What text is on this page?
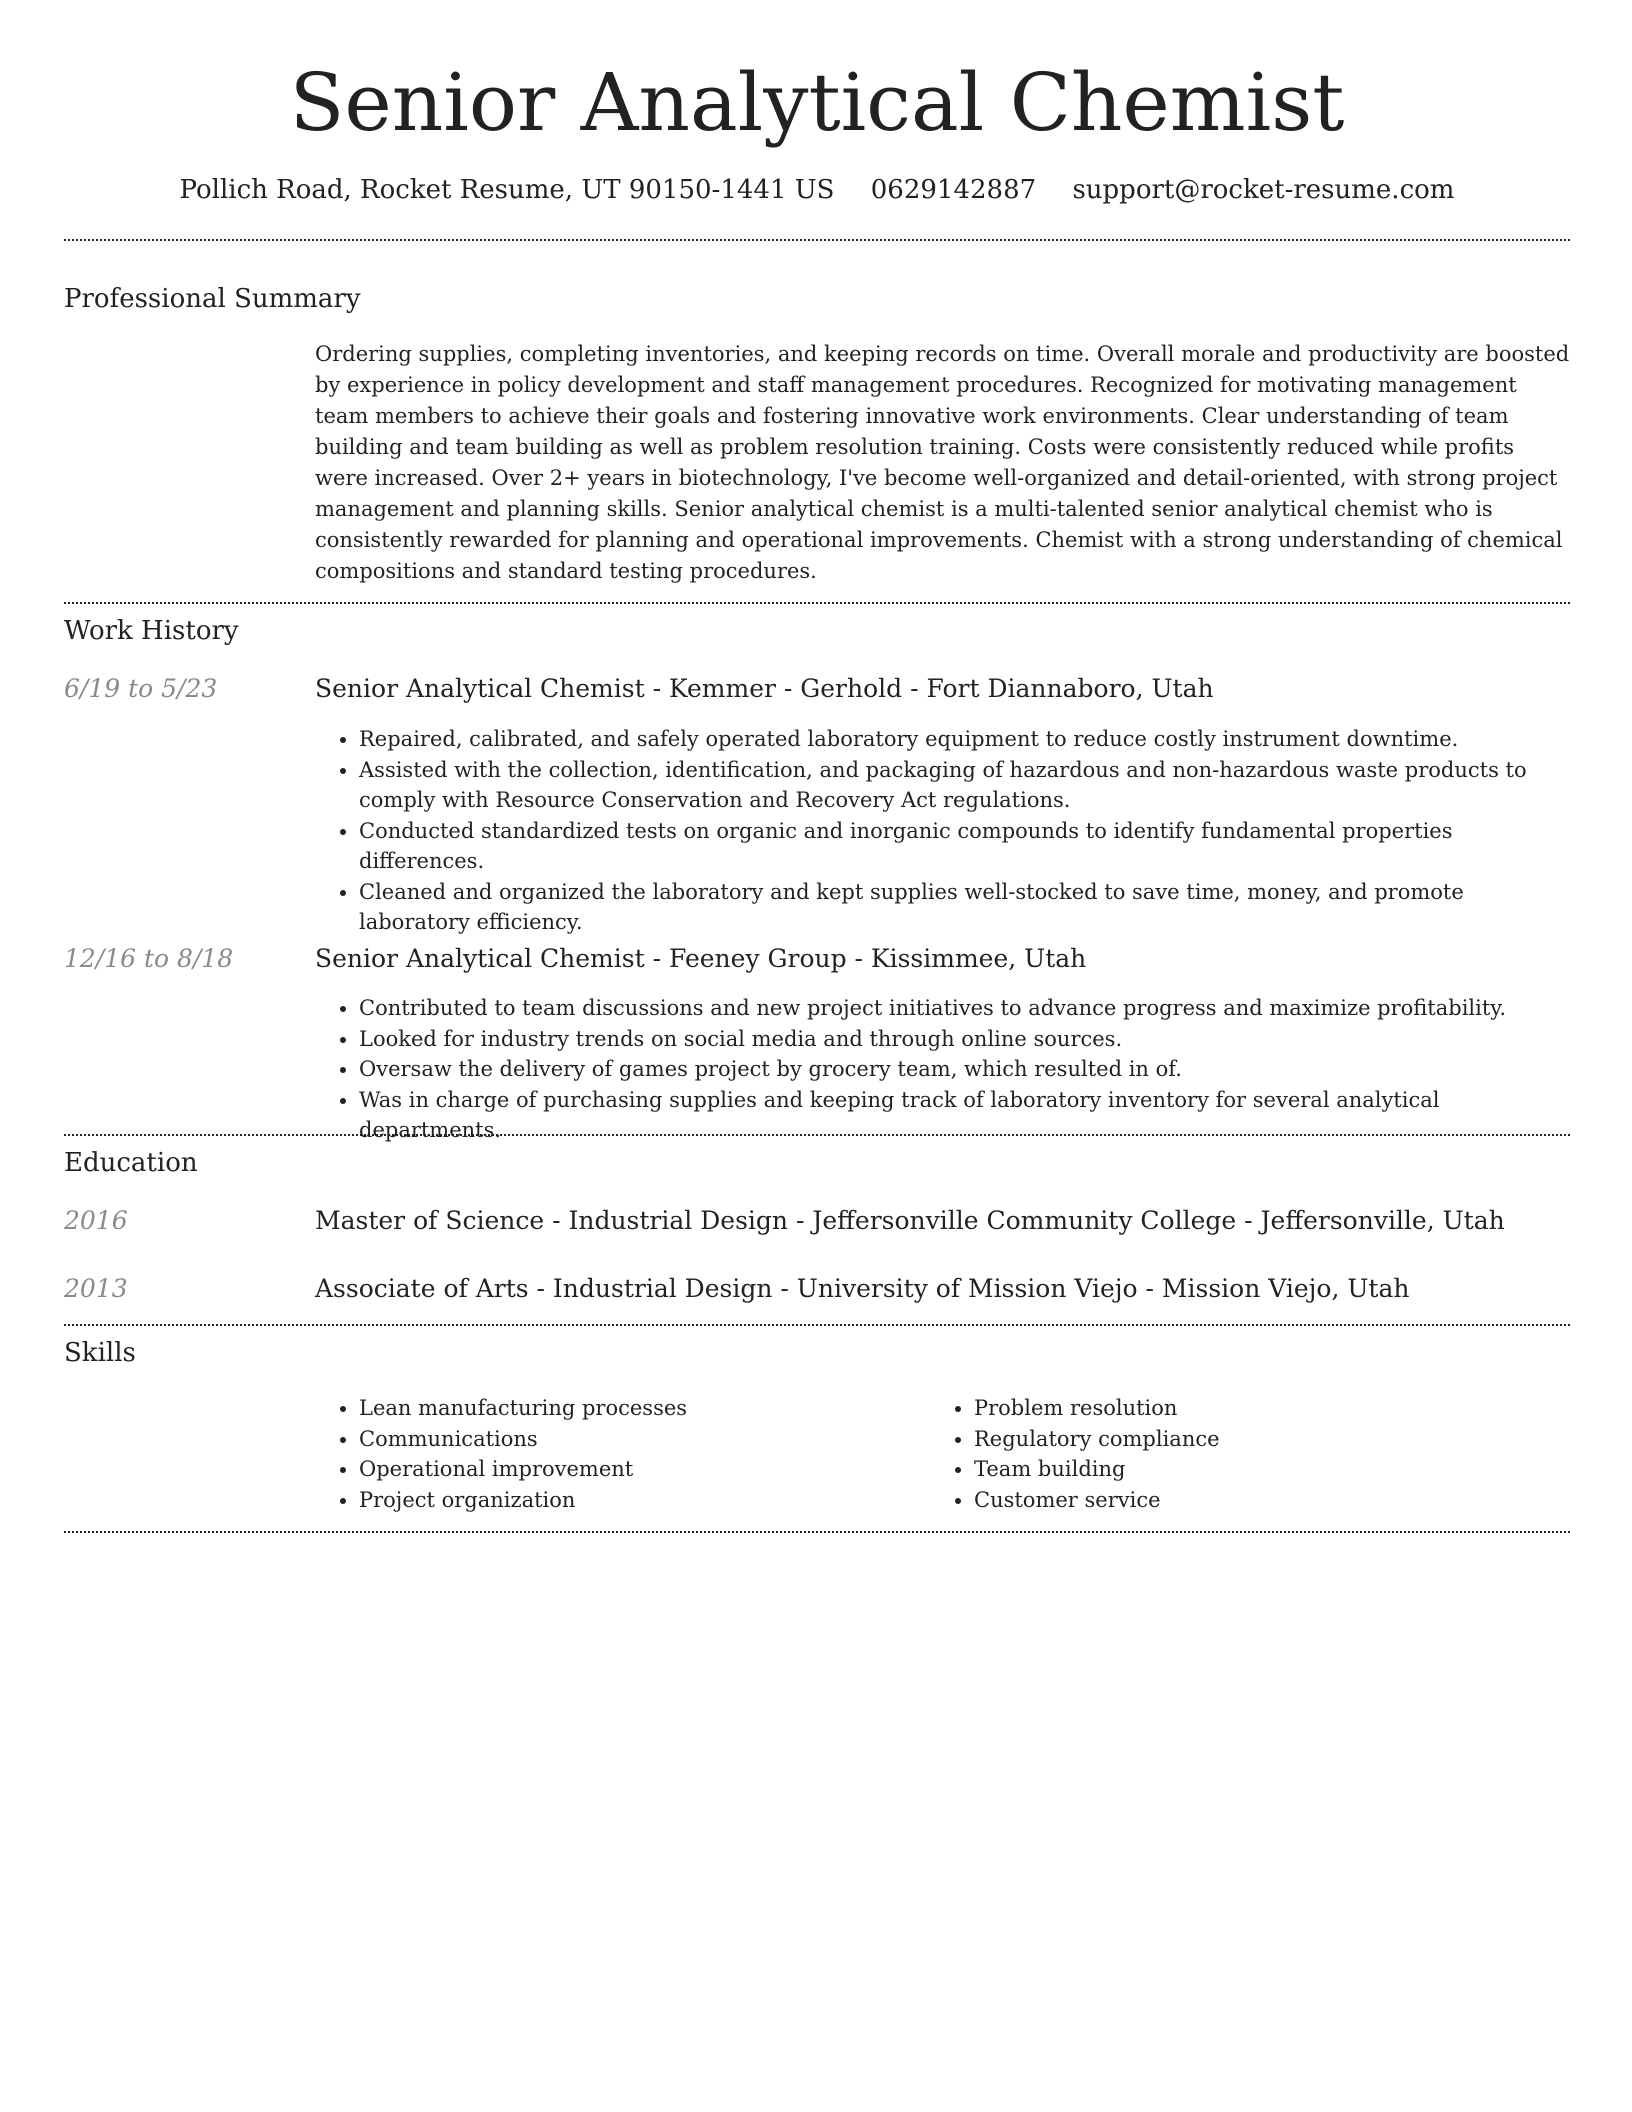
Senior Analytical Chemist
Pollich Road, Rocket Resume, UT 90150-1441 US 0629142887 support@rocket-resume.com
Professional Summary
Ordering supplies, completing inventories, and keeping records on time. Overall morale and productivity are boosted by experience in policy development and staff management procedures. Recognized for motivating management team members to achieve their goals and fostering innovative work environments. Clear understanding of team building and team building as well as problem resolution training. Costs were consistently reduced while profits were increased. Over 2+ years in biotechnology, I've become well-organized and detail-oriented, with strong project management and planning skills. Senior analytical chemist is a multi-talented senior analytical chemist who is consistently rewarded for planning and operational improvements. Chemist with a strong understanding of chemical compositions and standard testing procedures.
Work History
6/19 to 5/23	Senior Analytical Chemist - Kemmer - Gerhold - Fort Diannaboro, Utah
• Repaired, calibrated, and safely operated laboratory equipment to reduce costly instrument downtime.
• Assisted with the collection, identification, and packaging of hazardous and non-hazardous waste products to comply with Resource Conservation and Recovery Act regulations.
• Conducted standardized tests on organic and inorganic compounds to identify fundamental properties differences.
• Cleaned and organized the laboratory and kept supplies well-stocked to save time, money, and promote laboratory efficiency.
12/16 to 8/18	Senior Analytical Chemist - Feeney Group - Kissimmee, Utah
• Contributed to team discussions and new project initiatives to advance progress and maximize profitability.
• Looked for industry trends on social media and through online sources.
• Oversaw the delivery of games project by grocery team, which resulted in of.
• Was in charge of purchasing supplies and keeping track of laboratory inventory for several analytical departments.
Education
2016	Master of Science - Industrial Design - Jeffersonville Community College - Jeffersonville, Utah
2013	Associate of Arts - Industrial Design - University of Mission Viejo - Mission Viejo, Utah
Skills
• Lean manufacturing processes
• Communications
• Operational improvement
• Project organization
• Problem resolution
• Regulatory compliance
• Team building
• Customer service
